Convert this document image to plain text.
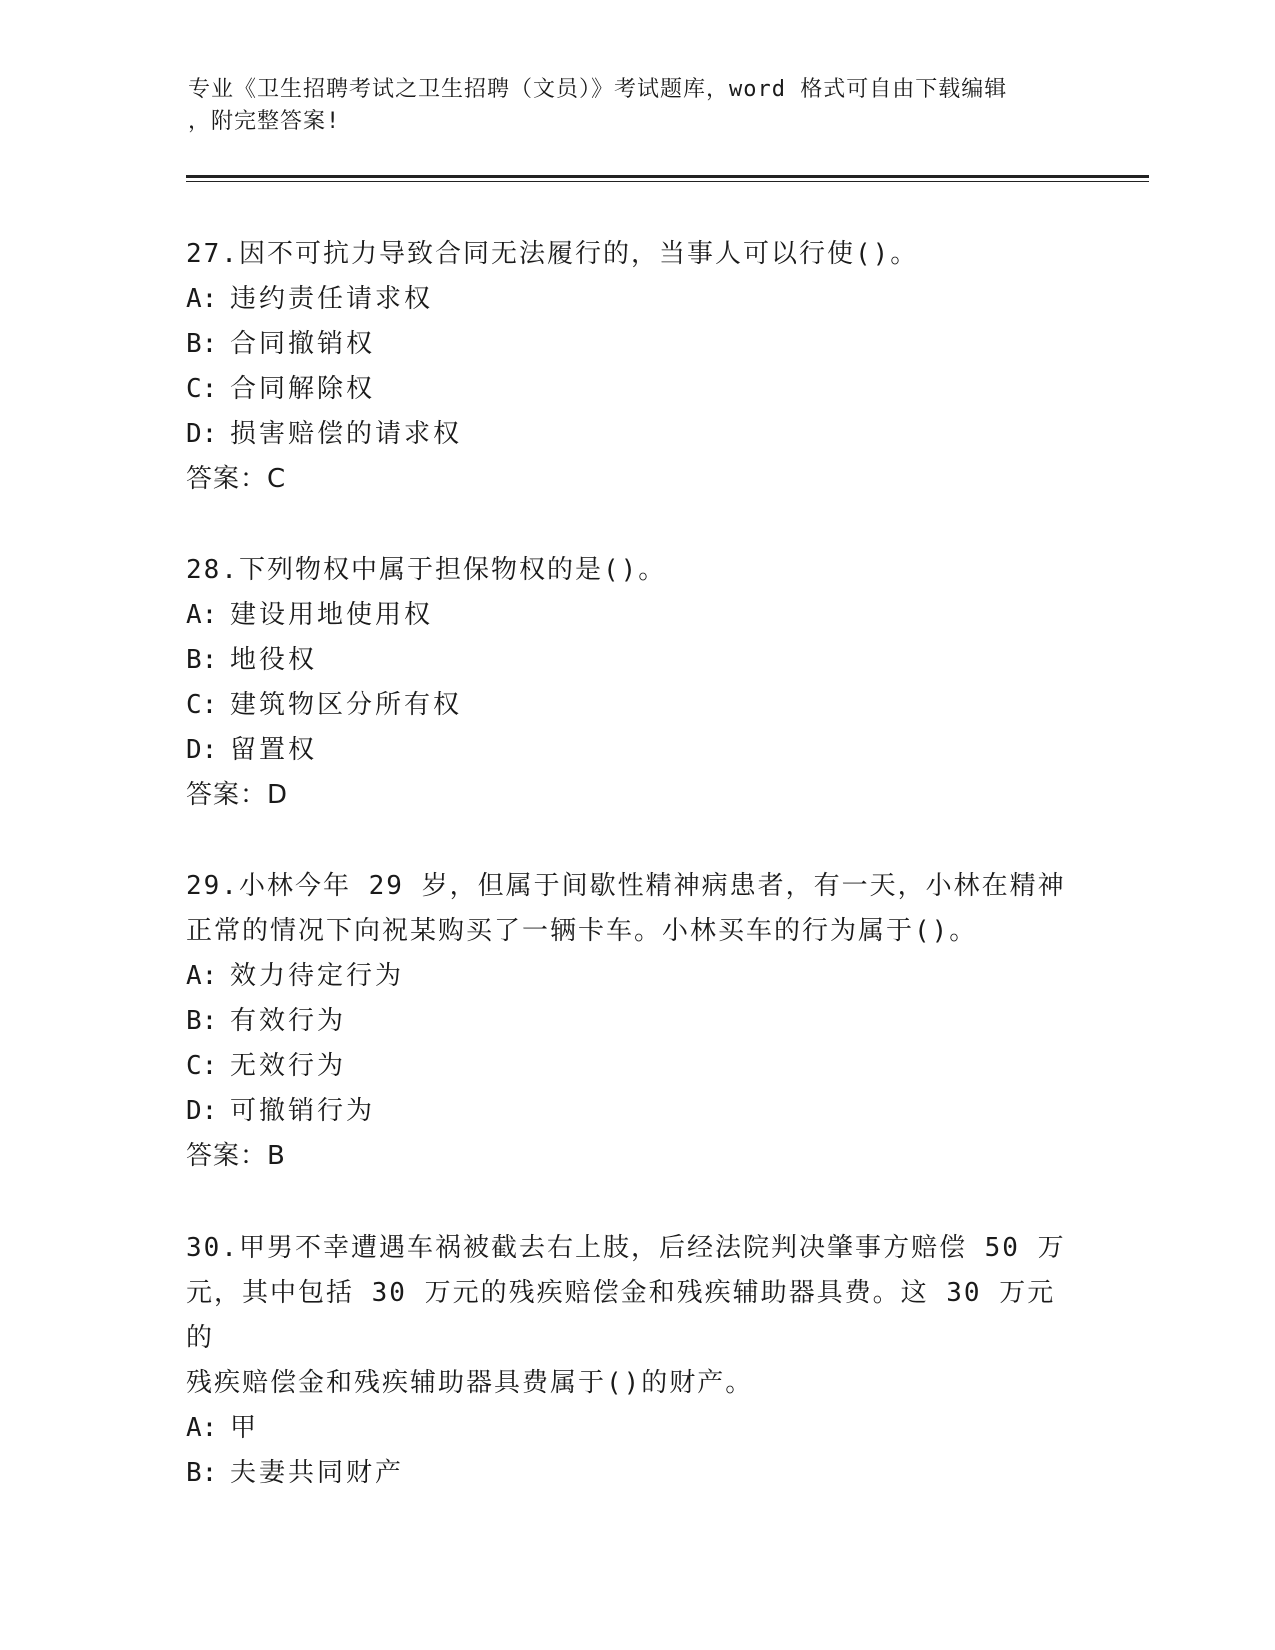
专业《卫生招聘考试之卫生招聘（文员）》考试题库，word 格式可自由下载编辑
，附完整答案!
27.因不可抗力导致合同无法履行的，当事人可以行使()。
A: 违约责任请求权
B: 合同撤销权
C: 合同解除权
D: 损害赔偿的请求权
答案：C
28.下列物权中属于担保物权的是()。
A: 建设用地使用权
B: 地役权
C: 建筑物区分所有权
D: 留置权
答案：D
29.小林今年 29 岁，但属于间歇性精神病患者，有一天，小林在精神
正常的情况下向祝某购买了一辆卡车。小林买车的行为属于()。
A: 效力待定行为
B: 有效行为
C: 无效行为
D: 可撤销行为
答案：B
30.甲男不幸遭遇车祸被截去右上肢，后经法院判决肇事方赔偿 50 万
元，其中包括 30 万元的残疾赔偿金和残疾辅助器具费。这 30 万元的
残疾赔偿金和残疾辅助器具费属于()的财产。
A: 甲
B: 夫妻共同财产
